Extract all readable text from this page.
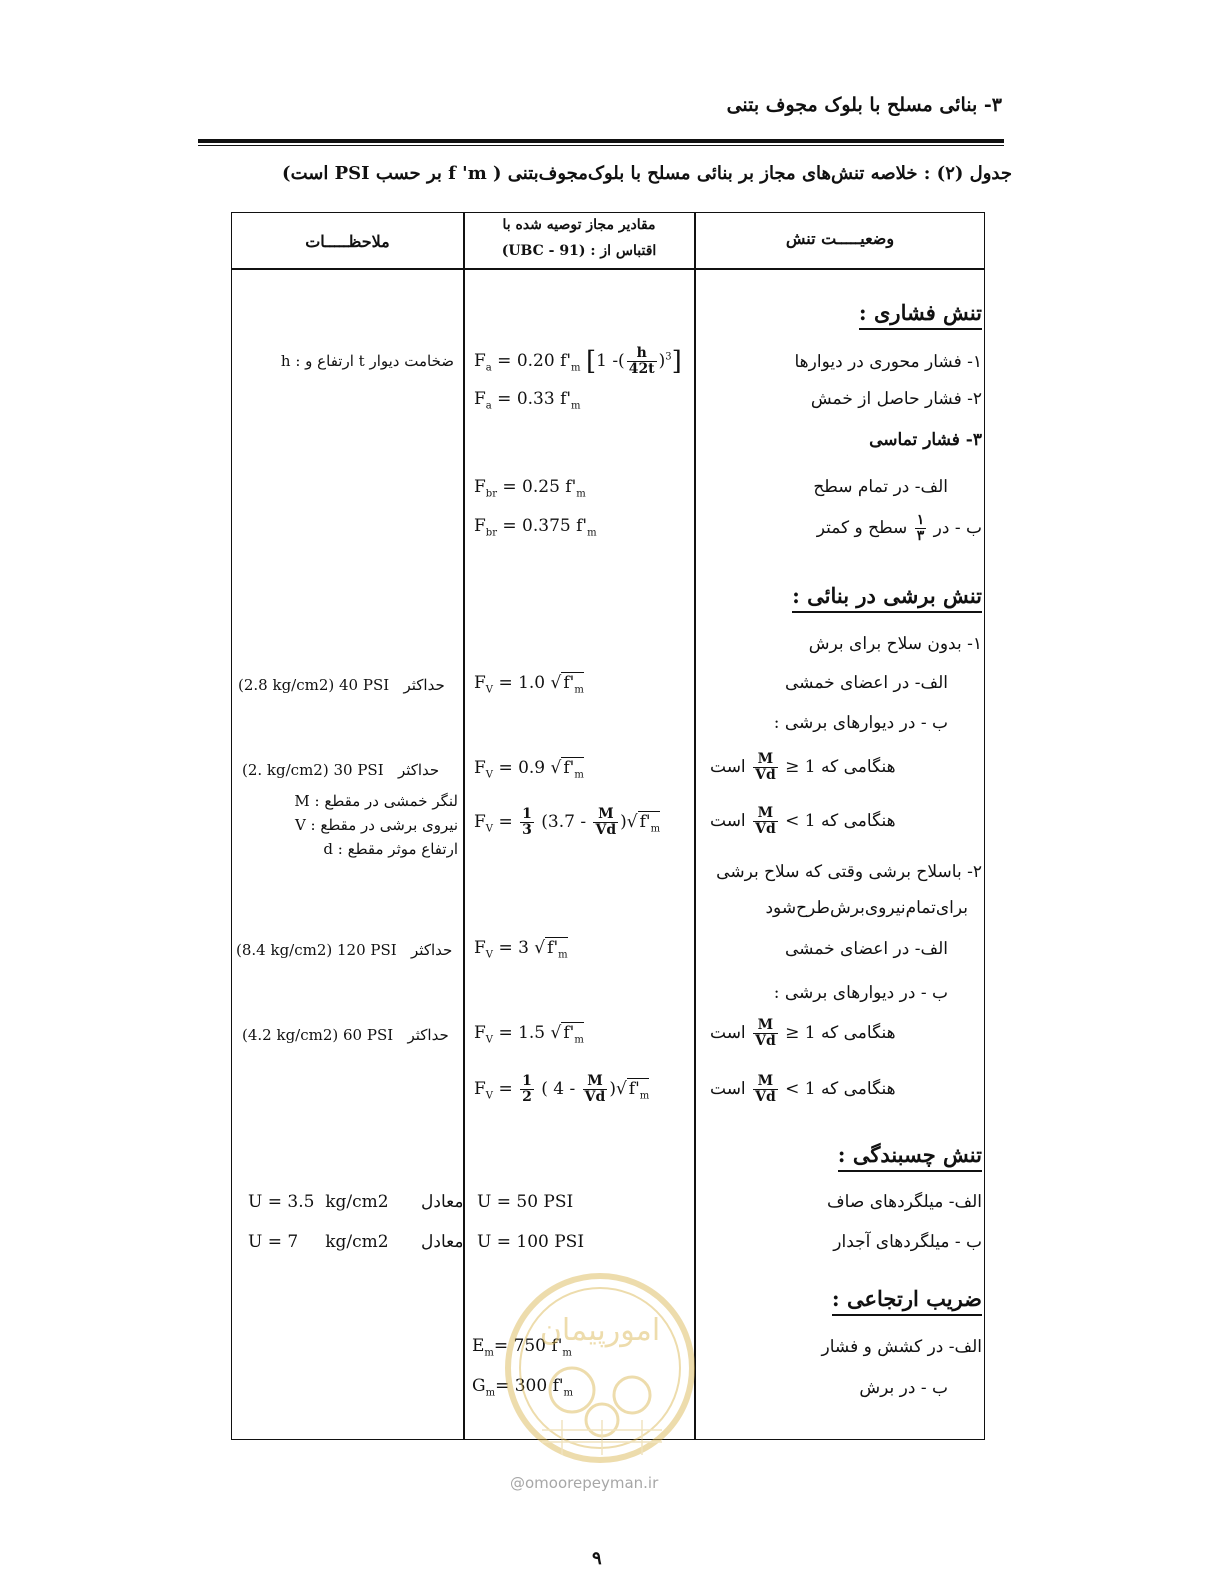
۳- بنائی مسلح با بلوک مجوف بتنی
جدول (۲) : خلاصه تنش‌های مجاز بر بنائی مسلح با بلوک‌مجوف‌بتنی ( f 'm بر حسب PSI است)
وضعیـــــت تنش
مقادیر مجاز توصیه شده با
اقتباس از : (UBC - 91)
ملاحظـــــات
تنش فشاری :
۱- فشار محوری در دیوارها
۲- فشار حاصل از خمش
۳- فشار تماسی
الف- در تمام سطح
ب - در
$\frac{۱}{۳}$
سطح و کمتر
$F_a = 0.20$ $f'_m$ [1 -( $\frac{h}{42t} )^3$]
$F_a = 0.33$ $f'_m$
$F_{br} = 0.25$ $f'_m$
$F_{br} = 0.375$ $f'_m$
h : ارتفاع و t ضخامت دیوار
تنش برشی در بنائی :
۱- بدون سلاح برای برش
الف- در اعضای خمشی
ب - در دیوارهای برشی :
است $\frac{M}{Vd} \ge 1$ هنگامی که
است $\frac{M}{Vd} < 1$ هنگامی که
۲- باسلاح برشی وقتی که سلاح برشی
برای‌تمام‌نیروی‌برش‌طرح‌شود
الف- در اعضای خمشی
ب - در دیوارهای برشی :
است $\frac{M}{Vd} \ge 1$ هنگامی که
است $\frac{M}{Vd} < 1$ هنگامی که
$F_V = 1.0$ √ $f'_m$
$F_V = 0.9$ √ $f'_m$
$F_V = \frac{1}{3} (3.7 - \frac{M}{Vd}$ )√ $f'_m$
$F_V = 3$ √ $f'_m$
$F_V = 1.5$ √ $f'_m$
$F_V = \frac{1}{2}$ ( $4 - \frac{M}{Vd}$ )√ $f'_m$
(2.8 kg/cm2) 40 PSI حداکثر
(2. kg/cm2) 30 PSI حداکثر
M : لنگر خمشی در مقطع
V : نیروی برشی در مقطع
d : ارتفاع موثر مقطع
(8.4 kg/cm2) 120 PSI حداکثر
(4.2 kg/cm2) 60 PSI حداکثر
تنش چسبندگی :
الف- میلگردهای صاف
ب - میلگردهای آجدار
U = 50 PSI
U = 100 PSI
U = 3.5  kg/cm2 معادل
U = 7     kg/cm2 معادل
ضریب ارتجاعی :
الف- در کشش و فشار
ب - در برش
$E_m= 750$ $f'_m$
$G_m= 300$ $f'_m$
امورپیمان
@omoorepeyman.ir
۹
